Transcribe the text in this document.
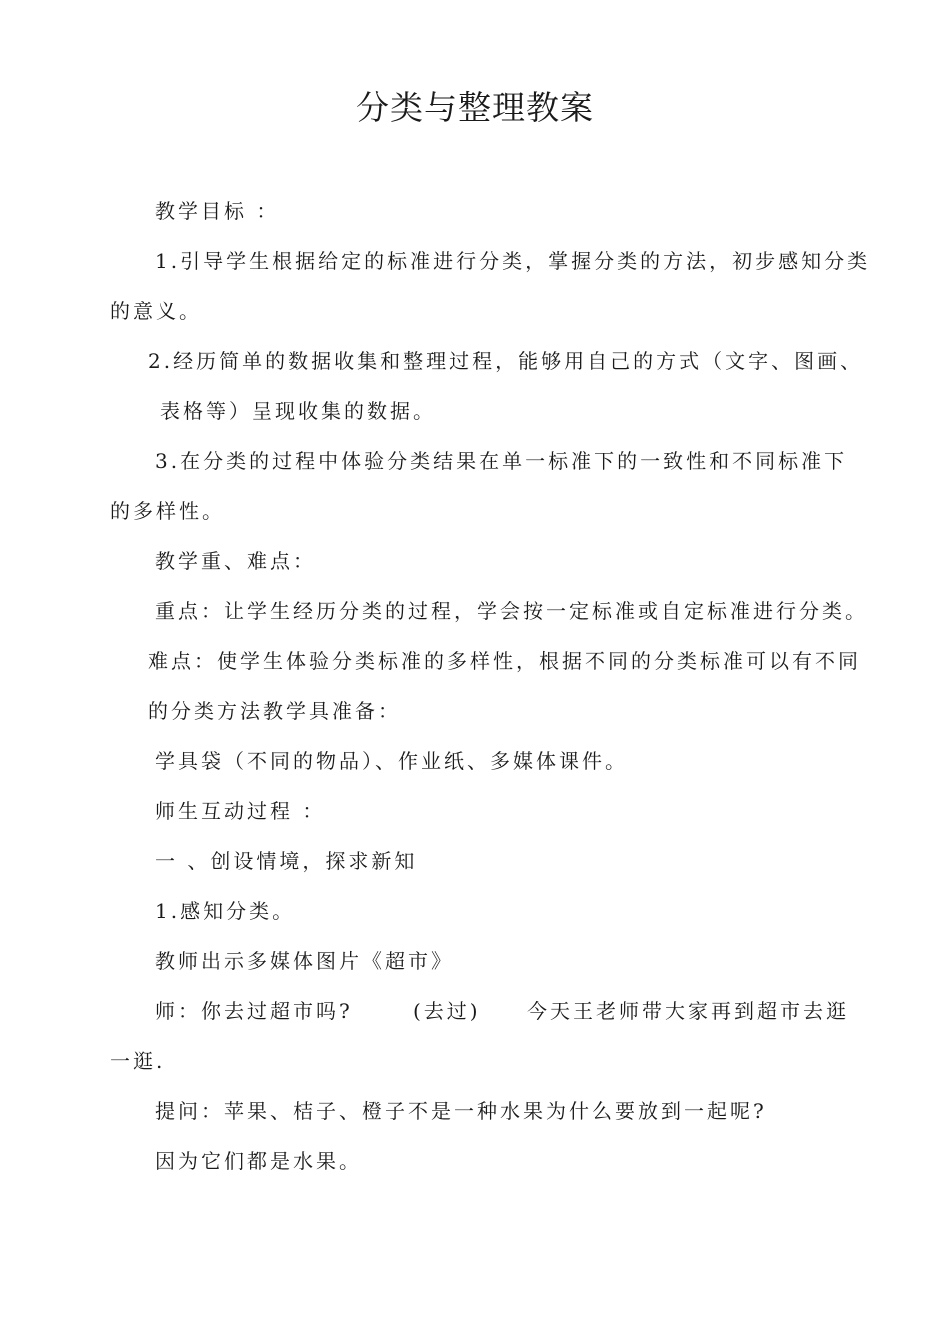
分类与整理教案
教学目标 ：
1.引导学生根据给定的标准进行分类，掌握分类的方法，初步感知分类
的意义。
2.经历简单的数据收集和整理过程，能够用自己的方式（文字、图画、
表格等）呈现收集的数据。
3.在分类的过程中体验分类结果在单一标准下的一致性和不同标准下
的多样性。
教学重、难点：
重点：让学生经历分类的过程，学会按一定标准或自定标准进行分类。
难点：使学生体验分类标准的多样性，根据不同的分类标准可以有不同
的分类方法教学具准备：
学具袋（不同的物品）、作业纸、多媒体课件。
师生互动过程 ：
一 、创设情境，探求新知
1.感知分类。
教师出示多媒体图片《超市》
师：你去过超市吗?	(去过) 今天王老师带大家再到超市去逛
一逛.
提问：苹果、桔子、橙子不是一种水果为什么要放到一起呢?
因为它们都是水果。
